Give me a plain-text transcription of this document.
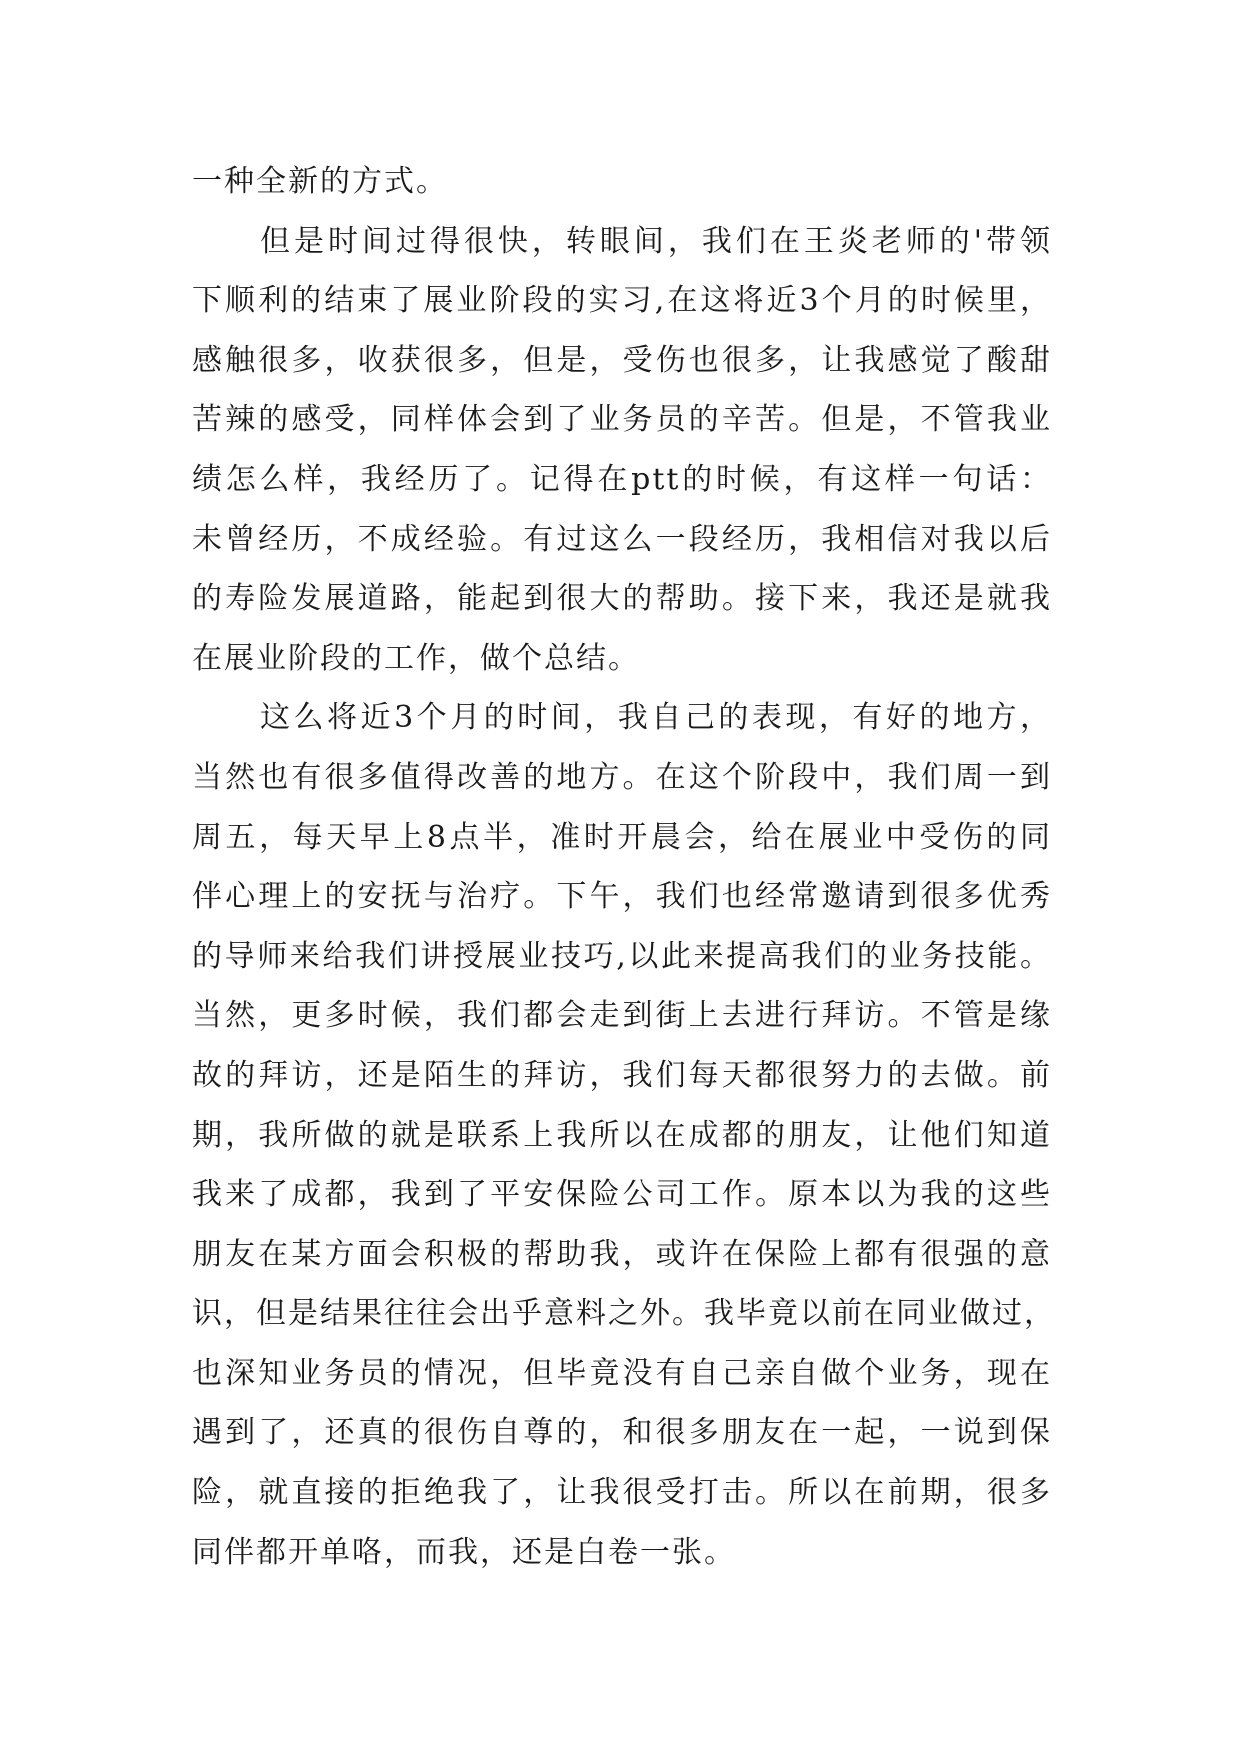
一种全新的方式。
但是时间过得很快，转眼间，我们在王炎老师的'带领
下顺利的结束了展业阶段的实习,在这将近3个月的时候里，
感触很多，收获很多，但是，受伤也很多，让我感觉了酸甜
苦辣的感受，同样体会到了业务员的辛苦。但是，不管我业
绩怎么样，我经历了。记得在ptt的时候，有这样一句话：
未曾经历，不成经验。有过这么一段经历，我相信对我以后
的寿险发展道路，能起到很大的帮助。接下来，我还是就我
在展业阶段的工作，做个总结。
这么将近3个月的时间，我自己的表现，有好的地方，
当然也有很多值得改善的地方。在这个阶段中，我们周一到
周五，每天早上8点半，准时开晨会，给在展业中受伤的同
伴心理上的安抚与治疗。下午，我们也经常邀请到很多优秀
的导师来给我们讲授展业技巧,以此来提高我们的业务技能。
当然，更多时候，我们都会走到街上去进行拜访。不管是缘
故的拜访，还是陌生的拜访，我们每天都很努力的去做。前
期，我所做的就是联系上我所以在成都的朋友，让他们知道
我来了成都，我到了平安保险公司工作。原本以为我的这些
朋友在某方面会积极的帮助我，或许在保险上都有很强的意
识，但是结果往往会出乎意料之外。我毕竟以前在同业做过，
也深知业务员的情况，但毕竟没有自己亲自做个业务，现在
遇到了，还真的很伤自尊的，和很多朋友在一起，一说到保
险，就直接的拒绝我了，让我很受打击。所以在前期，很多
同伴都开单咯，而我，还是白卷一张。
